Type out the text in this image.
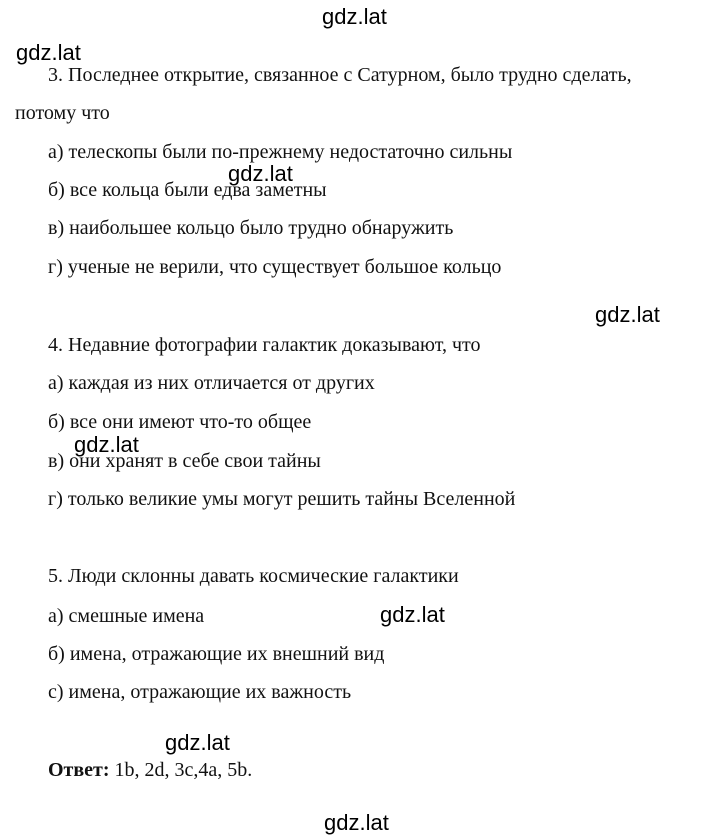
3. Последнее открытие, связанное с Сатурном, было трудно сделать,
потому что
а) телескопы были по-прежнему недостаточно сильны
б) все кольца были едва заметны
в) наибольшее кольцо было трудно обнаружить
г) ученые не верили, что существует большое кольцо
4. Недавние фотографии галактик доказывают, что
а) каждая из них отличается от других
б) все они имеют что-то общее
в) они хранят в себе свои тайны
г) только великие умы могут решить тайны Вселенной
5. Люди склонны давать космические галактики
а) смешные имена
б) имена, отражающие их внешний вид
с) имена, отражающие их важность
Ответ: 1b, 2d, 3c,4a, 5b.
gdz.lat
gdz.lat
gdz.lat
gdz.lat
gdz.lat
gdz.lat
gdz.lat
gdz.lat
